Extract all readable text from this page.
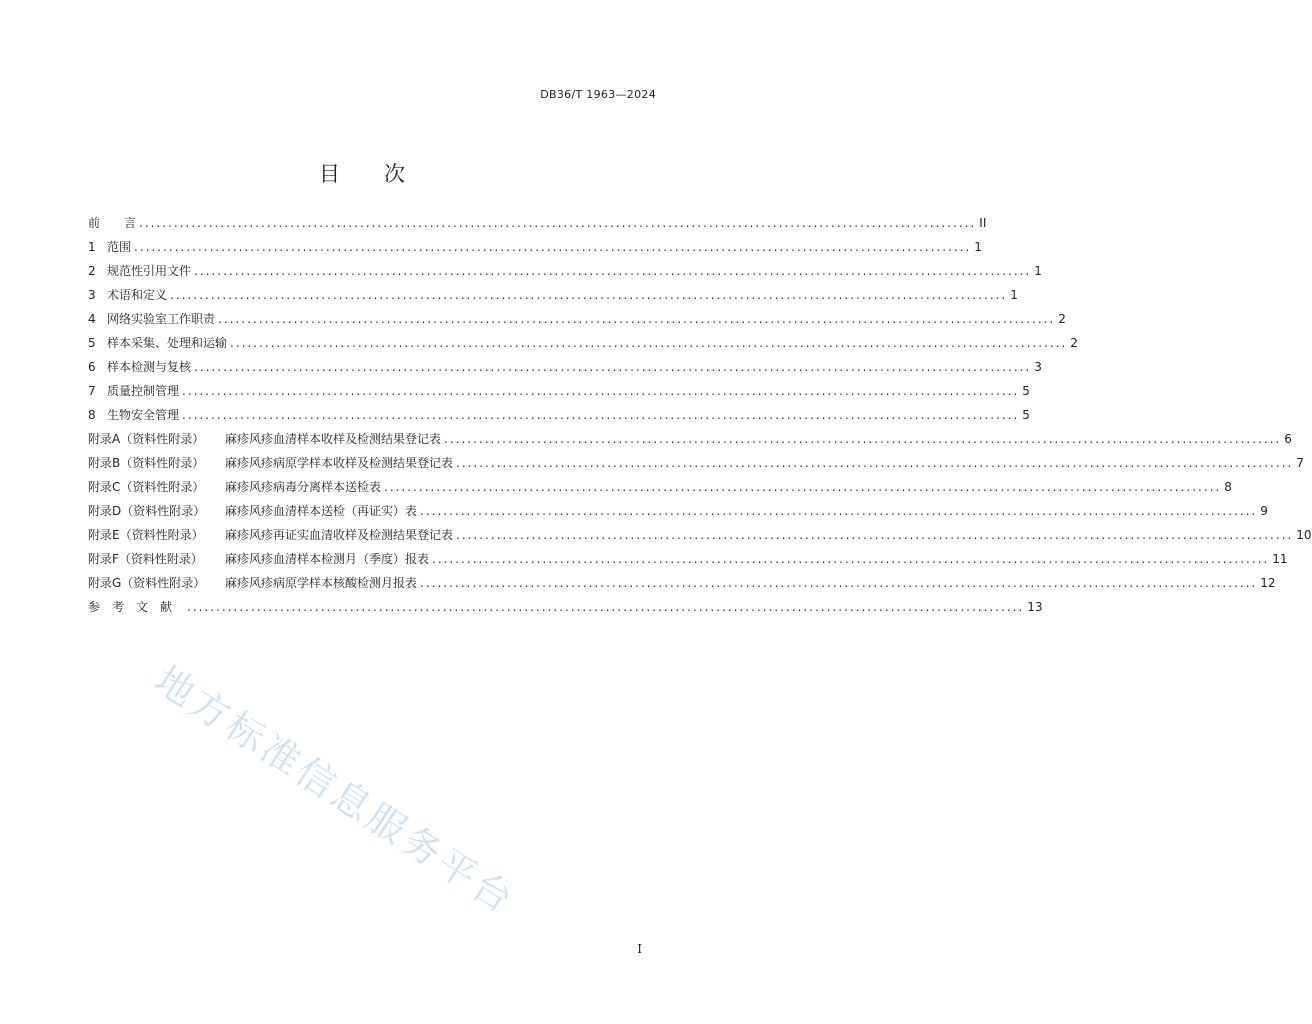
DB36/T 1963—2024
目 次
前　　言 ................................................................................................................................................ II
1 范围 ................................................................................................................................................ 1
2 规范性引用文件 ................................................................................................................................................ 1
3 术语和定义 ................................................................................................................................................ 1
4 网络实验室工作职责 ................................................................................................................................................ 2
5 样本采集、处理和运输 ................................................................................................................................................ 2
6 样本检测与复核 ................................................................................................................................................ 3
7 质量控制管理 ................................................................................................................................................ 5
8 生物安全管理 ................................................................................................................................................ 5
附录A（资料性附录）	麻疹风疹血清样本收样及检测结果登记表 ................................................................................................................................................ 6
附录B（资料性附录）	麻疹风疹病原学样本收样及检测结果登记表 ................................................................................................................................................ 7
附录C（资料性附录）	麻疹风疹病毒分离样本送检表 ................................................................................................................................................ 8
附录D（资料性附录）	麻疹风疹血清样本送检（再证实）表 ................................................................................................................................................ 9
附录E（资料性附录）	麻疹风疹再证实血清收样及检测结果登记表 ................................................................................................................................................ 10
附录F（资料性附录）	麻疹风疹血清样本检测月（季度）报表 ................................................................................................................................................ 11
附录G（资料性附录）	麻疹风疹病原学样本核酸检测月报表 ................................................................................................................................................ 12
参考文献 ................................................................................................................................................ 13
地方标准信息服务平台
I
